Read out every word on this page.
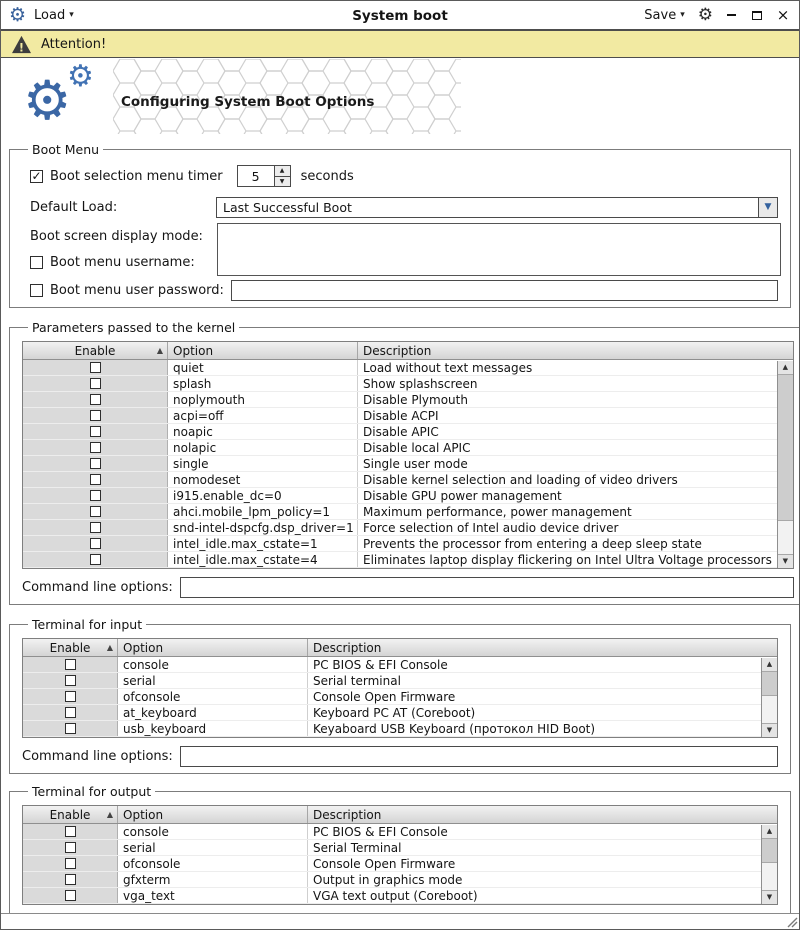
⚙ Load ▾	System boot	Save ▾ ⚙	×
! Attention!
⚙
⚙
Configuring System Boot Options
Boot Menu
✓ Boot selection menu timer	5	▲
▼	seconds
Default Load:	Last Successful Boot	▼
Boot screen display mode:
Boot menu username:
Boot menu user password:
Parameters passed to the kernel
Enable	▲ Option	Description
quiet	Load without text messages
splash	Show splashscreen
noplymouth	Disable Plymouth
acpi=off	Disable ACPI
noapic	Disable APIC
nolapic	Disable local APIC
single	Single user mode
nomodeset	Disable kernel selection and loading of video drivers
i915.enable_dc=0	Disable GPU power management
ahci.mobile_lpm_policy=1	Maximum performance, power management
snd-intel-dspcfg.dsp_driver=1 Force selection of Intel audio device driver
intel_idle.max_cstate=1	Prevents the processor from entering a deep sleep state
intel_idle.max_cstate=4	Eliminates laptop display flickering on Intel Ultra Voltage processors
▲
▼
Command line options:
Terminal for input
Enable ▲ Option	Description
console	PC BIOS & EFI Console
serial	Serial terminal
ofconsole	Console Open Firmware
at_keyboard	Keyboard PC AT (Coreboot)
usb_keyboard	Keyaboard USB Keyboard (протокол HID Boot)
▲
▼
Command line options:
Terminal for output
Enable ▲ Option	Description
console	PC BIOS & EFI Console
serial	Serial Terminal
ofconsole	Console Open Firmware
gfxterm	Output in graphics mode
vga_text	VGA text output (Coreboot)
▲
▼
